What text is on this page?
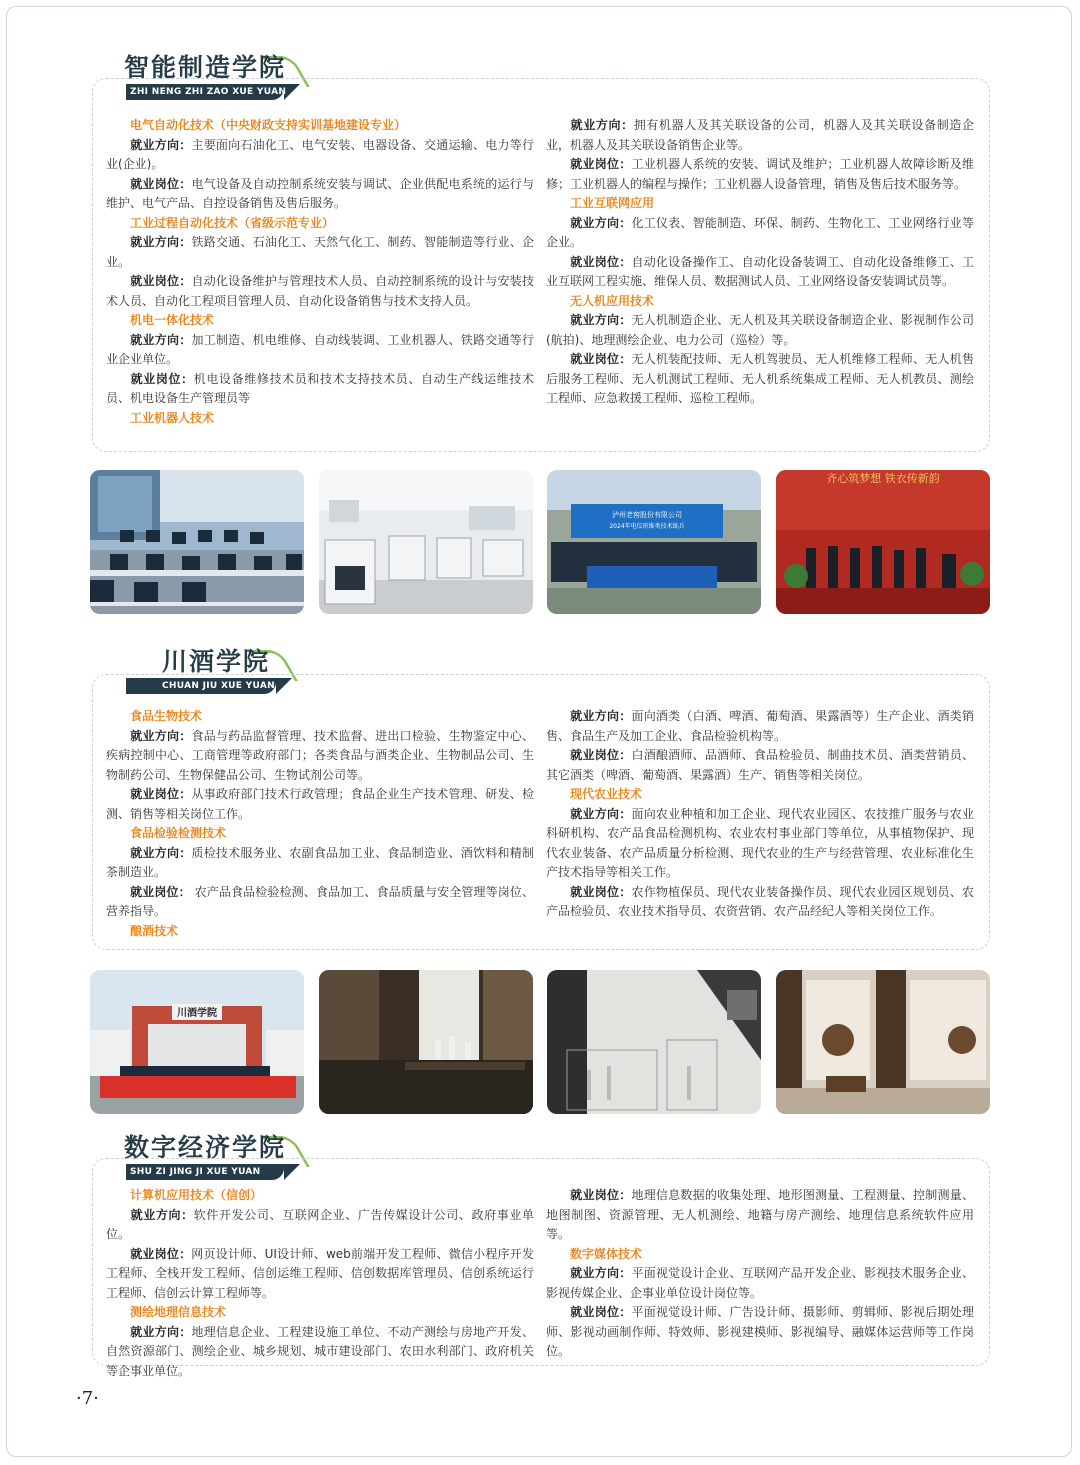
智能制造学院
ZHI NENG ZHI ZAO XUE YUAN

电气自动化技术（中央财政支持实训基地建设专业）

就业方向：主要面向石油化工、电气安装、电器设备、交通运输、电力等行业(企业)。

就业岗位：电气设备及自动控制系统安装与调试、企业供配电系统的运行与维护、电气产品、自控设备销售及售后服务。

工业过程自动化技术（省级示范专业）

就业方向：铁路交通、石油化工、天然气化工、制药、智能制造等行业、企业。

就业岗位：自动化设备维护与管理技术人员、自动控制系统的设计与安装技术人员、自动化工程项目管理人员、自动化设备销售与技术支持人员。

机电一体化技术

就业方向：加工制造、机电维修、自动线装调、工业机器人、铁路交通等行业企业单位。

就业岗位：机电设备维修技术员和技术支持技术员、自动生产线运维技术员、机电设备生产管理员等

工业机器人技术

就业方向：拥有机器人及其关联设备的公司，机器人及其关联设备制造企业，机器人及其关联设备销售企业等。

就业岗位：工业机器人系统的安装、调试及维护；工业机器人故障诊断及维修；工业机器人的编程与操作；工业机器人设备管理，销售及售后技术服务等。

工业互联网应用

就业方向：化工仪表、智能制造、环保、制药、生物化工、工业网络行业等企业。

就业岗位：自动化设备操作工、自动化设备装调工、自动化设备维修工、工业互联网工程实施、维保人员、数据测试人员、工业网络设备安装调试员等。

无人机应用技术

就业方向：无人机制造企业、无人机及其关联设备制造企业、影视制作公司(航拍)、地理测绘企业、电力公司（巡检）等。

就业岗位：无人机装配技师、无人机驾驶员、无人机维修工程师、无人机售后服务工程师、无人机测试工程师、无人机系统集成工程师、无人机教员、测绘工程师、应急救援工程师、巡检工程师。

泸州老窖股份有限公司
2024年电仪班维类技术练兵
齐心筑梦想 铁衣传新韵
川酒学院
CHUAN JIU XUE YUAN

食品生物技术

就业方向：食品与药品监督管理、技术监督、进出口检验、生物鉴定中心、疾病控制中心、工商管理等政府部门；各类食品与酒类企业、生物制品公司、生物制药公司、生物保健品公司、生物试剂公司等。

就业岗位：从事政府部门技术行政管理；食品企业生产技术管理、研发、检测、销售等相关岗位工作。

食品检验检测技术

就业方向：质检技术服务业、农副食品加工业、食品制造业、酒饮料和精制茶制造业。

就业岗位： 农产品食品检验检测、食品加工、食品质量与安全管理等岗位、营养指导。

酿酒技术

就业方向：面向酒类（白酒、啤酒、葡萄酒、果露酒等）生产企业、酒类销售、食品生产及加工企业、食品检验机构等。

就业岗位：白酒酿酒师、品酒师、食品检验员、制曲技术员、酒类营销员、其它酒类（啤酒、葡萄酒、果露酒）生产、销售等相关岗位。

现代农业技术

就业方向：面向农业种植和加工企业、现代农业园区、农技推广服务与农业科研机构、农产品食品检测机构、农业农村事业部门等单位，从事植物保护、现代农业装备、农产品质量分析检测、现代农业的生产与经营管理、农业标准化生产技术指导等相关工作。

就业岗位：农作物植保员、现代农业装备操作员、现代农业园区规划员、农产品检验员、农业技术指导员、农资营销、农产品经纪人等相关岗位工作。

川酒学院
数字经济学院
SHU ZI JING JI XUE YUAN

计算机应用技术（信创）

就业方向：软件开发公司、互联网企业、广告传媒设计公司、政府事业单位。

就业岗位：网页设计师、UI设计师、web前端开发工程师、微信小程序开发工程师、全栈开发工程师、信创运维工程师、信创数据库管理员、信创系统运行工程师、信创云计算工程师等。

测绘地理信息技术

就业方向：地理信息企业、工程建设施工单位、不动产测绘与房地产开发、自然资源部门、测绘企业、城乡规划、城市建设部门、农田水利部门、政府机关等企事业单位。

就业岗位：地理信息数据的收集处理、地形图测量、工程测量、控制测量、地图制图、资源管理、无人机测绘、地籍与房产测绘、地理信息系统软件应用等。

数字媒体技术

就业方向：平面视觉设计企业、互联网产品开发企业、影视技术服务企业、影视传媒企业、企事业单位设计岗位等。

就业岗位：平面视觉设计师、广告设计师、摄影师、剪辑师、影视后期处理师、影视动画制作师、特效师、影视建模师、影视编导、融媒体运营师等工作岗位。

·7·
